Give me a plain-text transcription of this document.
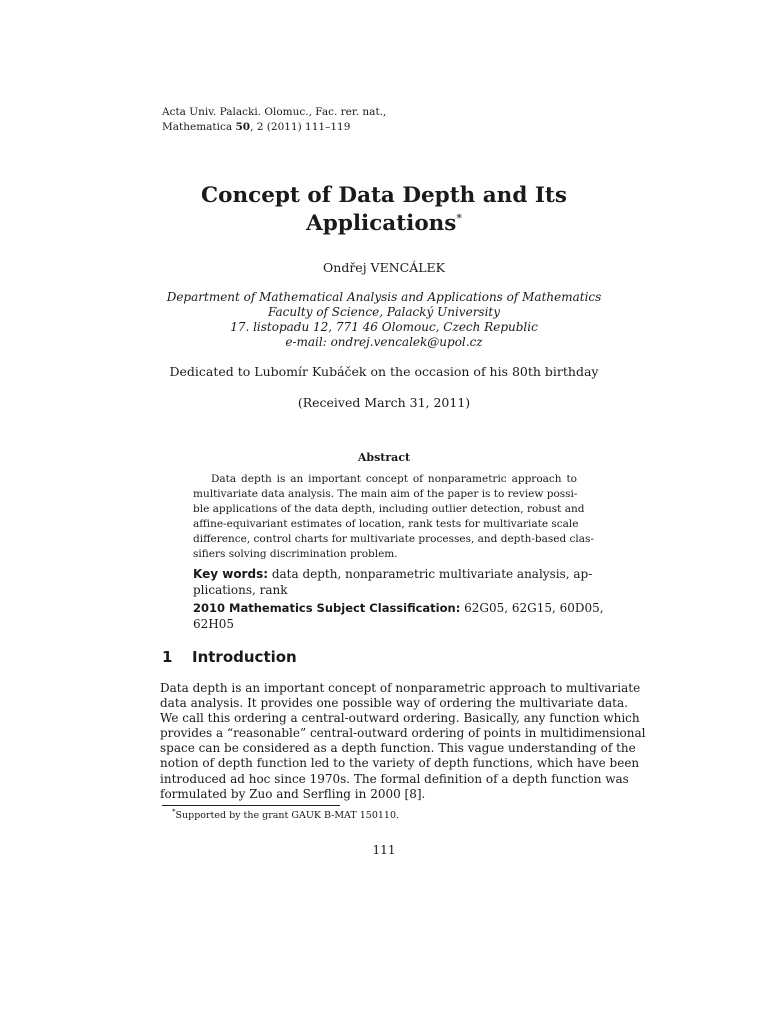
Acta Univ. Palacki. Olomuc., Fac. rer. nat.,
Mathematica 50, 2 (2011) 111–119
Concept of Data Depth and Its
Applications*
Ondřej VENCÁLEK
Department of Mathematical Analysis and Applications of Mathematics
Faculty of Science, Palacký University
17. listopadu 12, 771 46 Olomouc, Czech Republic
e-mail: ondrej.vencalek@upol.cz
Dedicated to Lubomír Kubáček on the occasion of his 80th birthday
(Received March 31, 2011)
Abstract
Data depth is an important concept of nonparametric approach to
multivariate data analysis. The main aim of the paper is to review possi-
ble applications of the data depth, including outlier detection, robust and
affine-equivariant estimates of location, rank tests for multivariate scale
difference, control charts for multivariate processes, and depth-based clas-
sifiers solving discrimination problem.
Key words: data depth, nonparametric multivariate analysis, ap-
plications, rank
2010 Mathematics Subject Classification: 62G05, 62G15, 60D05,
62H05
1 Introduction
Data depth is an important concept of nonparametric approach to multivariate
data analysis. It provides one possible way of ordering the multivariate data.
We call this ordering a central-outward ordering. Basically, any function which
provides a “reasonable” central-outward ordering of points in multidimensional
space can be considered as a depth function. This vague understanding of the
notion of depth function led to the variety of depth functions, which have been
introduced ad hoc since 1970s. The formal definition of a depth function was
formulated by Zuo and Serfling in 2000 [8].
*Supported by the grant GAUK B-MAT 150110.
111
